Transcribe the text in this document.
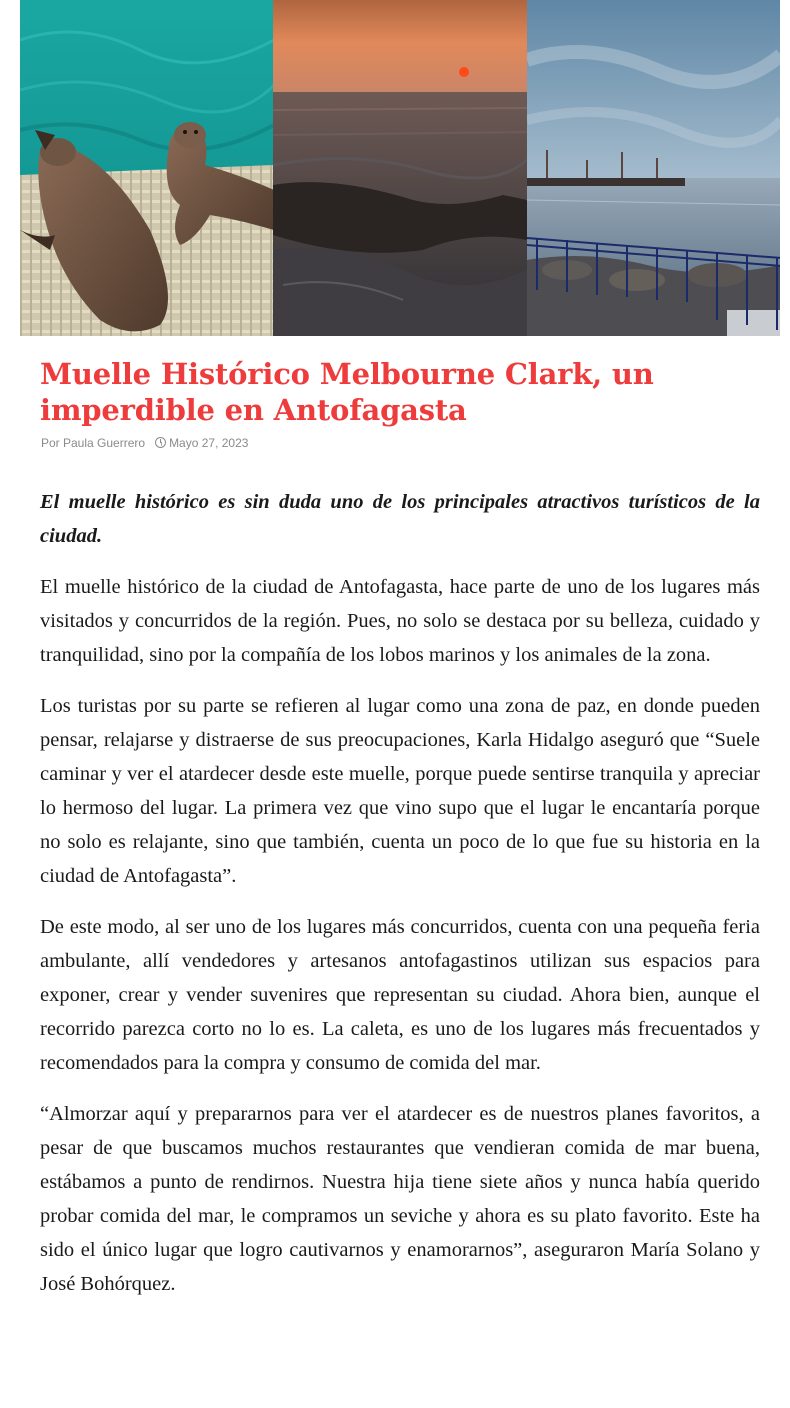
Muelle Histórico Melbourne Clark, un imperdible en Antofagasta
Por Paula Guerrero	Mayo 27, 2023

El muelle histórico es sin duda uno de los principales atractivos turísticos de la ciudad.

El muelle histórico de la ciudad de Antofagasta, hace parte de uno de los lugares más visitados y concurridos de la región. Pues, no solo se destaca por su belleza, cuidado y tranquilidad, sino por la compañía de los lobos marinos y los animales de la zona.

Los turistas por su parte se refieren al lugar como una zona de paz, en donde pueden pensar, relajarse y distraerse de sus preocupaciones, Karla Hidalgo aseguró que “Suele caminar y ver el atardecer desde este muelle, porque puede sentirse tranquila y apreciar lo hermoso del lugar. La primera vez que vino supo que el lugar le encantaría porque no solo es relajante, sino que también, cuenta un poco de lo que fue su historia en la ciudad de Antofagasta”.

De este modo, al ser uno de los lugares más concurridos, cuenta con una pequeña feria ambulante, allí vendedores y artesanos antofagastinos utilizan sus espacios para exponer, crear y vender suvenires que representan su ciudad. Ahora bien, aunque el recorrido parezca corto no lo es. La caleta, es uno de los lugares más frecuentados y recomendados para la compra y consumo de comida del mar.

“Almorzar aquí y prepararnos para ver el atardecer es de nuestros planes favoritos, a pesar de que buscamos muchos restaurantes que vendieran comida de mar buena, estábamos a punto de rendirnos. Nuestra hija tiene siete años y nunca había querido probar comida del mar, le compramos un seviche y ahora es su plato favorito. Este ha sido el único lugar que logro cautivarnos y enamorarnos”, aseguraron María Solano y José Bohórquez.
